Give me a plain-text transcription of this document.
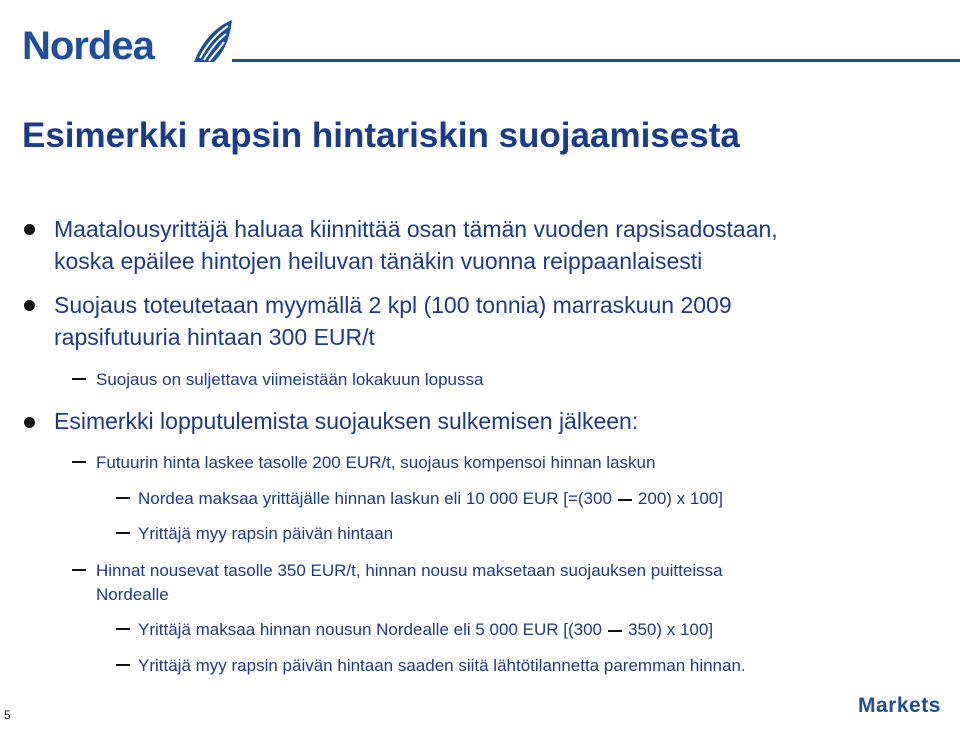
Nordea
Esimerkki rapsin hintariskin suojaamisesta
Maatalousyrittäjä haluaa kiinnittää osan tämän vuoden rapsisadostaan,
koska epäilee hintojen heiluvan tänäkin vuonna reippaanlaisesti
Suojaus toteutetaan myymällä 2 kpl (100 tonnia) marraskuun 2009
rapsifutuuria hintaan 300 EUR/t
Suojaus on suljettava viimeistään lokakuun lopussa
Esimerkki lopputulemista suojauksen sulkemisen jälkeen:
Futuurin hinta laskee tasolle 200 EUR/t, suojaus kompensoi hinnan laskun
Nordea maksaa yrittäjälle hinnan laskun eli 10 000 EUR [=(300 200) x 100]
Yrittäjä myy rapsin päivän hintaan
Hinnat nousevat tasolle 350 EUR/t, hinnan nousu maksetaan suojauksen puitteissa
Nordealle
Yrittäjä maksaa hinnan nousun Nordealle eli 5 000 EUR [(300 350) x 100]
Yrittäjä myy rapsin päivän hintaan saaden siitä lähtötilannetta paremman hinnan.
5	Markets
